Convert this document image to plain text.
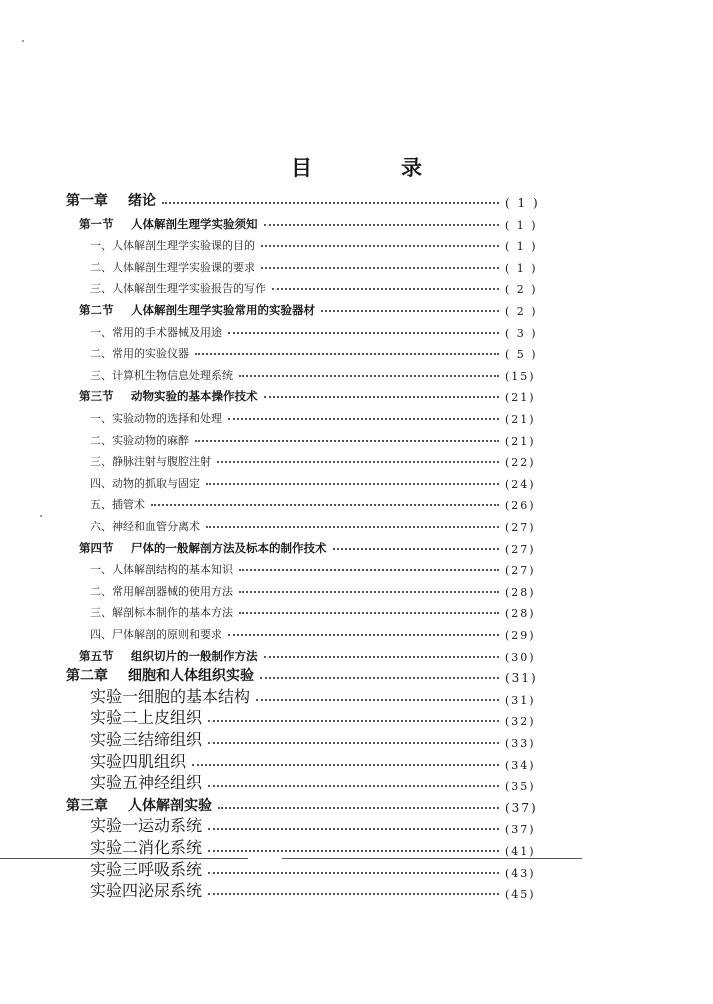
目　录
第一章 绪论	( 1 )
第一节 人体解剖生理学实验须知	( 1 )
一、人体解剖生理学实验课的目的	( 1 )
二、人体解剖生理学实验课的要求	( 1 )
三、人体解剖生理学实验报告的写作	( 2 )
第二节 人体解剖生理学实验常用的实验器材	( 2 )
一、常用的手术器械及用途	( 3 )
二、常用的实验仪器	( 5 )
三、计算机生物信息处理系统	(15)
第三节 动物实验的基本操作技术	(21)
一、实验动物的选择和处理	(21)
二、实验动物的麻醉	(21)
三、静脉注射与腹腔注射	(22)
四、动物的抓取与固定	(24)
五、插管术	(26)
六、神经和血管分离术	(27)
第四节 尸体的一般解剖方法及标本的制作技术	(27)
一、人体解剖结构的基本知识	(27)
二、常用解剖器械的使用方法	(28)
三、解剖标本制作的基本方法	(28)
四、尸体解剖的原则和要求	(29)
第五节 组织切片的一般制作方法	(30)
第二章 细胞和人体组织实验	(31)
实验一细胞的基本结构	(31)
实验二上皮组织	(32)
实验三结缔组织	(33)
实验四肌组织	(34)
实验五神经组织	(35)
第三章 人体解剖实验	(37)
实验一运动系统	(37)
实验二消化系统	(41)
实验三呼吸系统	(43)
实验四泌尿系统	(45)
